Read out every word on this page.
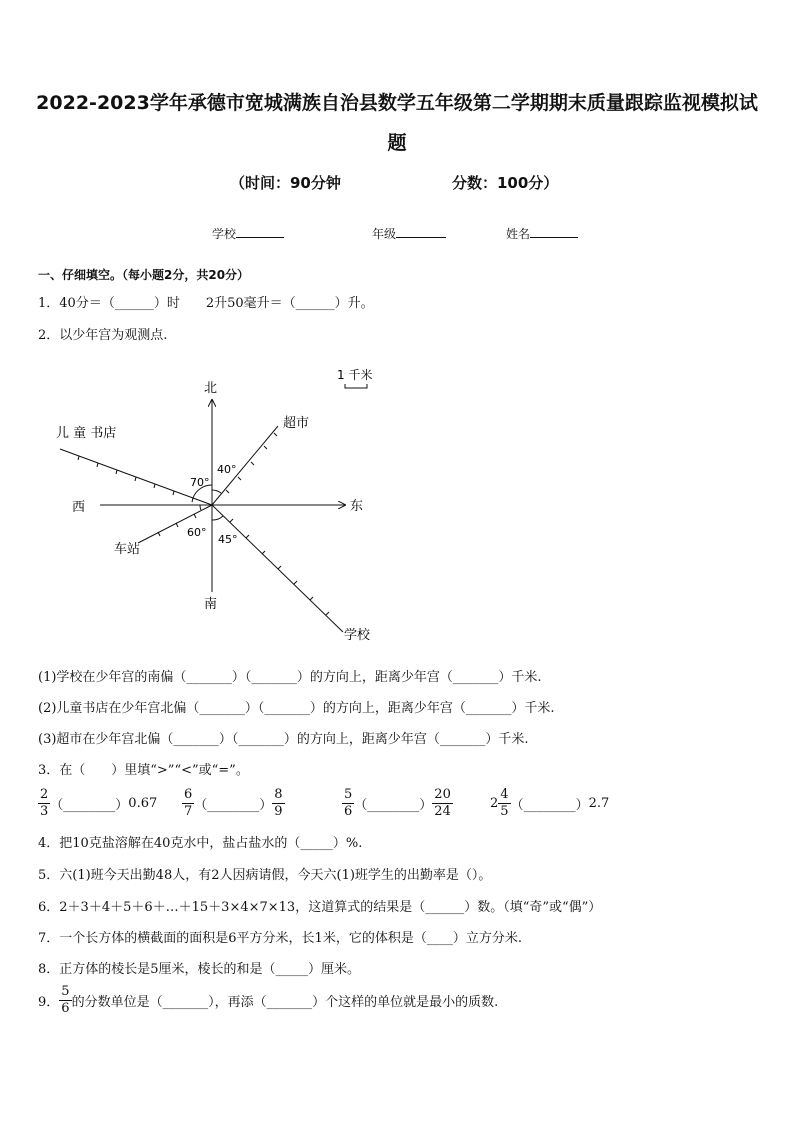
2022-2023学年承德市宽城满族自治县数学五年级第二学期期末质量跟踪监视模拟试
题
（时间：90分钟	分数：100分）
学校	年级	姓名
一、仔细填空。（每小题2分，共20分）
1．40分＝（______）时　　2升50毫升＝（______）升。
2．以少年宫为观测点.
北
南
东
西
1 千米
儿 童 书店
超市
车站
学校
40°
70°
60°
45°
(1)学校在少年宫的南偏（_______）（_______）的方向上，距离少年宫（_______）千米.
(2)儿童书店在少年宫北偏（_______）（_______）的方向上，距离少年宫（_______）千米.
(3)超市在少年宫北偏（_______）（_______）的方向上，距离少年宫（_______）千米.
3．在（　　）里填“>”“<”或“=”。
$\frac{2}{3}$ （________） $0.67 \frac{6}{7}$ （________） $\frac{8}{9}$	$\frac{5}{6}$ （________） $\frac{20}{24}$	$2 \frac{4}{5}$ （________） 2.7
4．把10克盐溶解在40克水中，盐占盐水的（_____）%.
5．六(1)班今天出勤48人，有2人因病请假，今天六(1)班学生的出勤率是（）。
6．2＋3＋4＋5＋6＋…＋15＋3×4×7×13，这道算式的结果是（______）数。（填“奇”或“偶”）
7．一个长方体的横截面的面积是6平方分米，长1米，它的体积是（____）立方分米.
8．正方体的棱长是5厘米，棱长的和是（_____）厘米。
9． $\frac{5}{6}$ 的分数单位是（_______），再添（_______）个这样的单位就是最小的质数.
